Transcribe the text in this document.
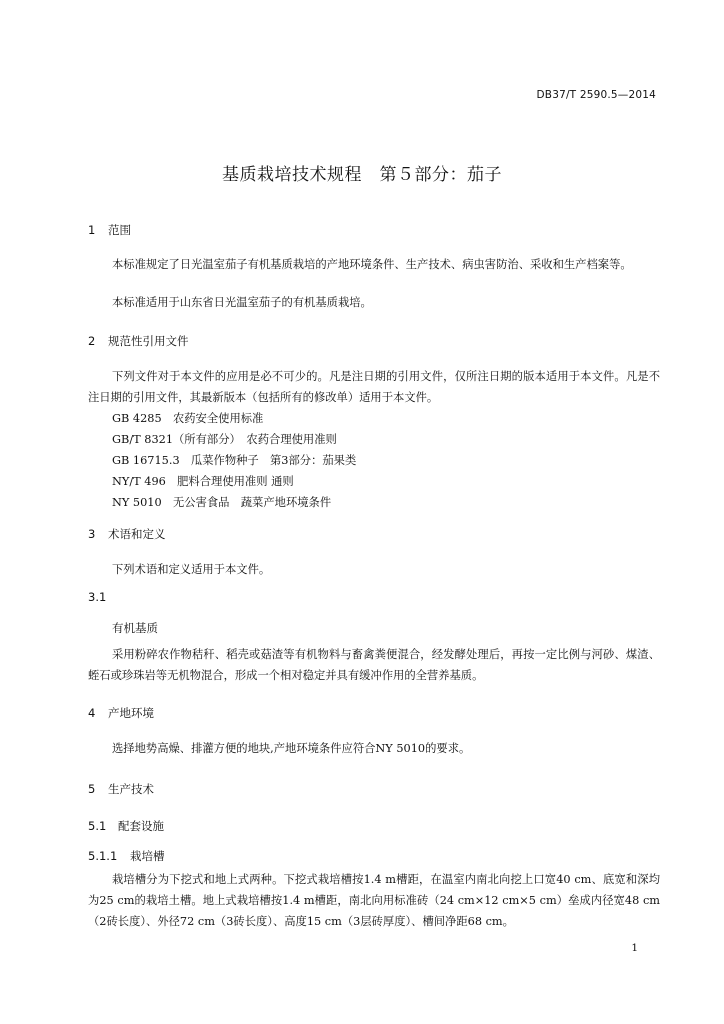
DB37/T 2590.5—2014
基质栽培技术规程　第５部分：茄子
1 范围
本标准规定了日光温室茄子有机基质栽培的产地环境条件、生产技术、病虫害防治、采收和生产档案等。
本标准适用于山东省日光温室茄子的有机基质栽培。
2 规范性引用文件
下列文件对于本文件的应用是必不可少的。凡是注日期的引用文件，仅所注日期的版本适用于本文件。凡是不注日期的引用文件，其最新版本（包括所有的修改单）适用于本文件。
GB 4285　农药安全使用标准
GB/T 8321（所有部分）　农药合理使用准则
GB 16715.3　瓜菜作物种子　第3部分：茄果类
NY/T 496　肥料合理使用准则 通则
NY 5010　无公害食品　蔬菜产地环境条件
3 术语和定义
下列术语和定义适用于本文件。
3.1
有机基质
采用粉碎农作物秸秆、稻壳或菇渣等有机物料与畜禽粪便混合，经发酵处理后，再按一定比例与河砂、煤渣、蛭石或珍珠岩等无机物混合，形成一个相对稳定并具有缓冲作用的全营养基质。
4 产地环境
选择地势高燥、排灌方便的地块,产地环境条件应符合NY 5010的要求。
5 生产技术
5.1 配套设施
5.1.1 栽培槽
栽培槽分为下挖式和地上式两种。下挖式栽培槽按1.4 m槽距，在温室内南北向挖上口宽40 cm、底宽和深均为25 cm的栽培土槽。地上式栽培槽按1.4 m槽距，南北向用标准砖（24 cm×12 cm×5 cm）垒成内径宽48 cm（2砖长度）、外径72 cm（3砖长度）、高度15 cm（3层砖厚度）、槽间净距68 cm。
1
